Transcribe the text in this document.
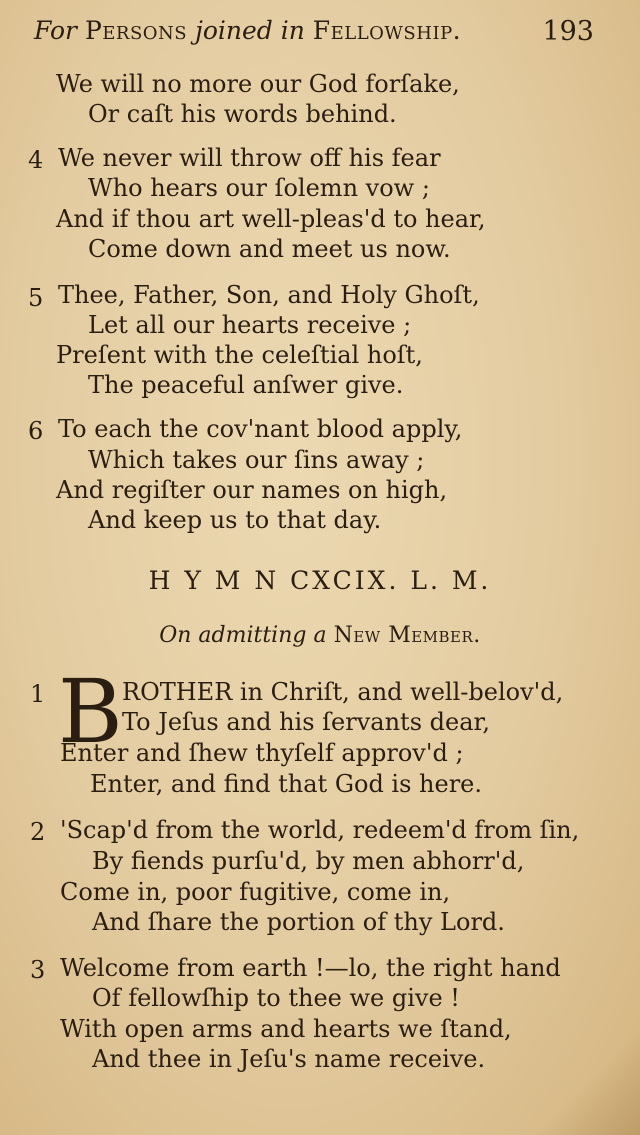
For Persons joined in Fellowship.	193
We will no more our God forſake,
Or caſt his words behind.
4 We never will throw off his fear
Who hears our ſolemn vow ;
And if thou art well-pleas'd to hear,
Come down and meet us now.
5 Thee, Father, Son, and Holy Ghoſt,
Let all our hearts receive ;
Preſent with the celeſtial hoſt,
The peaceful anſwer give.
6 To each the cov'nant blood apply,
Which takes our ſins away ;
And regiſter our names on high,
And keep us to that day.
H Y M N CXCIX. L. M.
On admitting a New Member.
1 B ROTHER in Chriſt, and well-belov'd,
To Jeſus and his ſervants dear,
Enter and ſhew thyſelf approv'd ;
Enter, and find that God is here.
2 'Scap'd from the world, redeem'd from ſin,
By fiends purſu'd, by men abhorr'd,
Come in, poor fugitive, come in,
And ſhare the portion of thy Lord.
3 Welcome from earth !—lo, the right hand
Of fellowſhip to thee we give !
With open arms and hearts we ſtand,
And thee in Jeſu's name receive.
